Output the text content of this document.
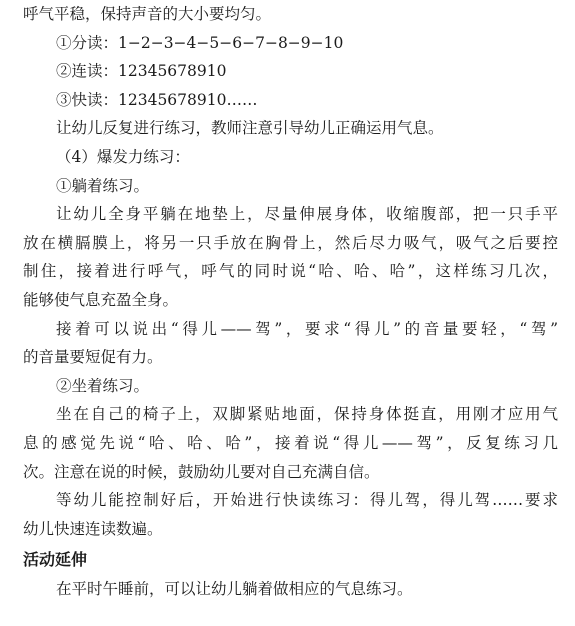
呼气平稳，保持声音的大小要均匀。
①分读：1−2−3−4−5−6−7−8−9−10
②连读：12345678910
③快读：12345678910……
让幼儿反复进行练习，教师注意引导幼儿正确运用气息。
（4）爆发力练习：
①躺着练习。
让幼儿全身平躺在地垫上，尽量伸展身体，收缩腹部，把一只手平
放在横膈膜上，将另一只手放在胸骨上，然后尽力吸气，吸气之后要控
制住，接着进行呼气，呼气的同时说“哈、哈、哈”，这样练习几次，
能够使气息充盈全身。
接着可以说出“得儿——驾”，要求“得儿”的音量要轻，“驾”
的音量要短促有力。
②坐着练习。
坐在自己的椅子上，双脚紧贴地面，保持身体挺直，用刚才应用气
息的感觉先说“哈、哈、哈”，接着说“得儿——驾”，反复练习几
次。注意在说的时候，鼓励幼儿要对自己充满自信。
等幼儿能控制好后，开始进行快读练习：得儿驾，得儿驾……要求
幼儿快速连读数遍。
活动延伸
在平时午睡前，可以让幼儿躺着做相应的气息练习。
